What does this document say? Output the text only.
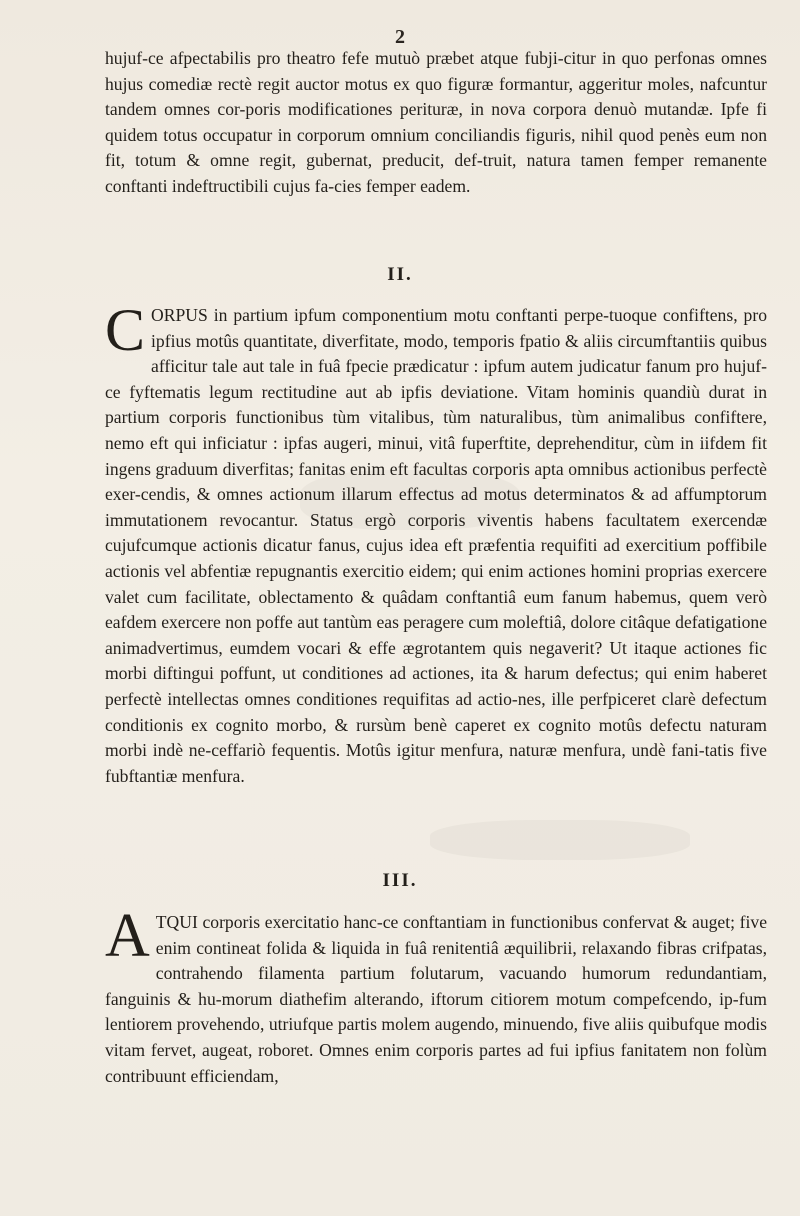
2

hujuf-ce afpectabilis pro theatro fefe mutuò præbet atque fubji-citur in quo perfonas omnes hujus comediæ rectè regit auctor motus ex quo figuræ formantur, aggeritur moles, nafcuntur tandem omnes cor-poris modificationes perituræ, in nova corpora denuò mutandæ. Ipfe fi quidem totus occupatur in corporum omnium conciliandis figuris, nihil quod penès eum non fit, totum & omne regit, gubernat, preducit, def-truit, natura tamen femper remanente conftanti indeftructibili cujus fa-cies femper eadem.

II.

CORPUS in partium ipfum componentium motu conftanti perpe-tuoque confiftens, pro ipfius motûs quantitate, diverfitate, modo, temporis fpatio & aliis circumftantiis quibus afficitur tale aut tale in fuâ fpecie prædicatur : ipfum autem judicatur fanum pro hujuf-ce fyftematis legum rectitudine aut ab ipfis deviatione. Vitam hominis quandiù durat in partium corporis functionibus tùm vitalibus, tùm naturalibus, tùm animalibus confiftere, nemo eft qui inficiatur : ipfas augeri, minui, vitâ fuperftite, deprehenditur, cùm in iifdem fit ingens graduum diverfitas; fanitas enim eft facultas corporis apta omnibus actionibus perfectè exer-cendis, & omnes actionum illarum effectus ad motus determinatos & ad affumptorum immutationem revocantur. Status ergò corporis viventis habens facultatem exercendæ cujufcumque actionis dicatur fanus, cujus idea eft præfentia requifiti ad exercitium poffibile actionis vel abfentiæ repugnantis exercitio eidem; qui enim actiones homini proprias exercere valet cum facilitate, oblectamento & quâdam conftantiâ eum fanum habemus, quem verò eafdem exercere non poffe aut tantùm eas peragere cum moleftiâ, dolore citâque defatigatione animadvertimus, eumdem vocari & effe ægrotantem quis negaverit? Ut itaque actiones fic morbi diftingui poffunt, ut conditiones ad actiones, ita & harum defectus; qui enim haberet perfectè intellectas omnes conditiones requifitas ad actio-nes, ille perfpiceret clarè defectum conditionis ex cognito morbo, & rursùm benè caperet ex cognito motûs defectu naturam morbi indè ne-ceffariò fequentis. Motûs igitur menfura, naturæ menfura, undè fani-tatis five fubftantiæ menfura.

III.

ATQUI corporis exercitatio hanc-ce conftantiam in functionibus confervat & auget; five enim contineat folida & liquida in fuâ renitentiâ æquilibrii, relaxando fibras crifpatas, contrahendo filamenta partium folutarum, vacuando humorum redundantiam, fanguinis & hu-morum diathefim alterando, iftorum citiorem motum compefcendo, ip-fum lentiorem provehendo, utriufque partis molem augendo, minuendo, five aliis quibufque modis vitam fervet, augeat, roboret. Omnes enim corporis partes ad fui ipfius fanitatem non folùm contribuunt efficiendam,
